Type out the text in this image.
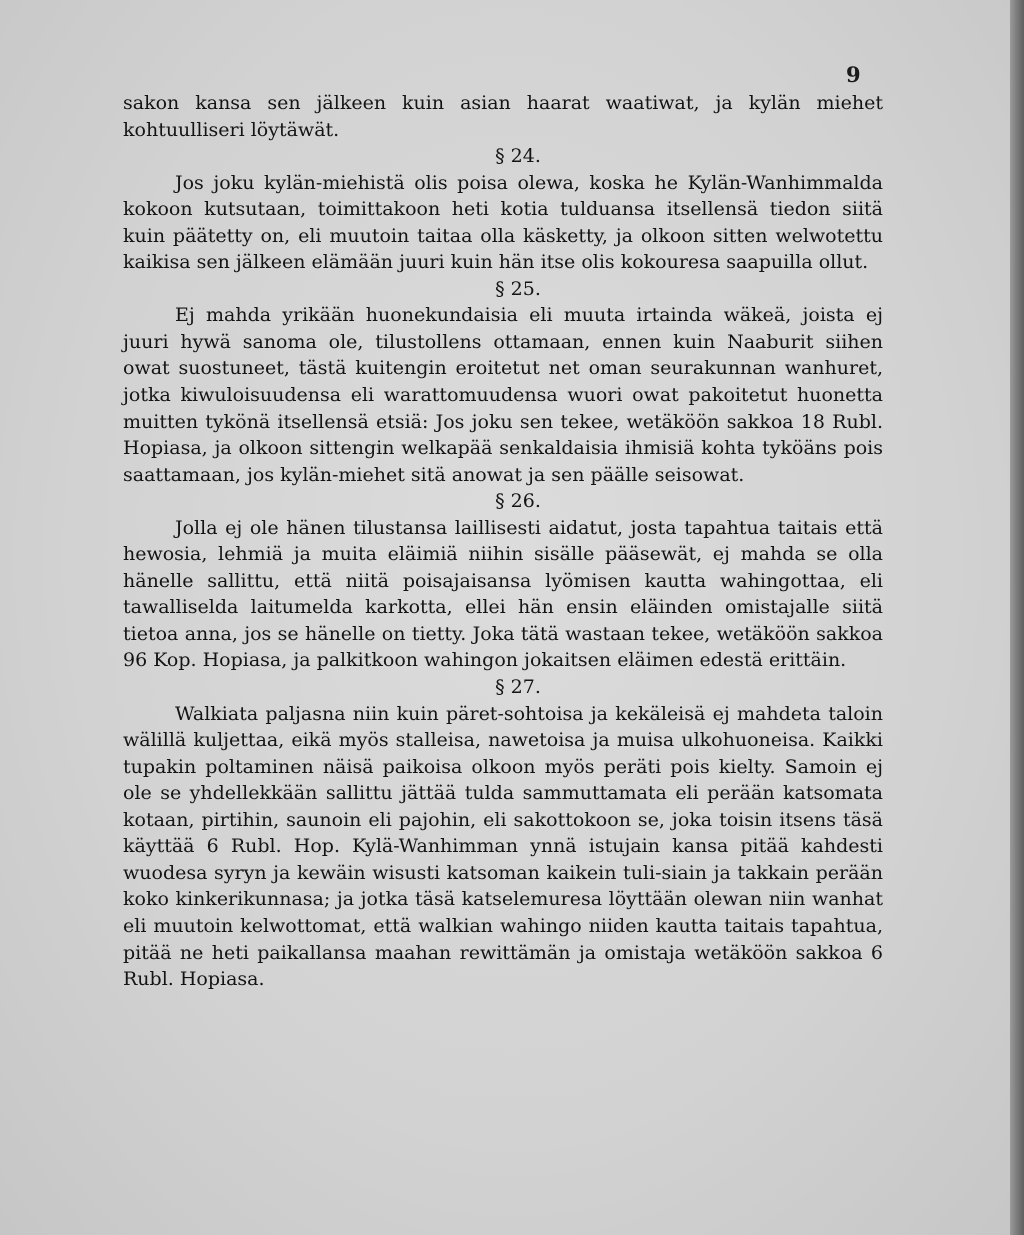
9

sakon kansa sen jälkeen kuin asian haarat waatiwat, ja kylän miehet kohtuulliseri löytäwät.

§ 24.

Jos joku kylän-miehistä olis poisa olewa, koska he Kylän-Wanhimmalda kokoon kutsutaan, toimittakoon heti kotia tulduansa itsellensä tiedon siitä kuin päätetty on, eli muutoin taitaa olla käsketty, ja olkoon sitten welwotettu kaikisa sen jälkeen elämään juuri kuin hän itse olis kokouresa saapuilla ollut.

§ 25.

Ej mahda yrikään huonekundaisia eli muuta irtainda wäkeä, joista ej juuri hywä sanoma ole, tilustollens ottamaan, ennen kuin Naaburit siihen owat suostuneet, tästä kuitengin eroitetut net oman seurakunnan wanhuret, jotka kiwuloisuudensa eli warattomuudensa wuori owat pakoitetut huonetta muitten tykönä itsellensä etsiä: Jos joku sen tekee, wetäköön sakkoa 18 Rubl. Hopiasa, ja olkoon sittengin welkapää senkaldaisia ihmisiä kohta tyköäns pois saattamaan, jos kylän-miehet sitä anowat ja sen päälle seisowat.

§ 26.

Jolla ej ole hänen tilustansa laillisesti aidatut, josta tapahtua taitais että hewosia, lehmiä ja muita eläimiä niihin sisälle pääsewät, ej mahda se olla hänelle sallittu, että niitä poisajaisansa lyömisen kautta wahingottaa, eli tawalliselda laitumelda karkotta, ellei hän ensin eläinden omistajalle siitä tietoa anna, jos se hänelle on tietty. Joka tätä wastaan tekee, wetäköön sakkoa 96 Kop. Hopiasa, ja palkitkoon wahingon jokaitsen eläimen edestä erittäin.

§ 27.

Walkiata paljasna niin kuin päret-sohtoisa ja kekäleisä ej mahdeta taloin wälillä kuljettaa, eikä myös stalleisa, nawetoisa ja muisa ulkohuoneisa. Kaikki tupakin poltaminen näisä paikoisa olkoon myös peräti pois kielty. Samoin ej ole se yhdellekkään sallittu jättää tulda sammuttamata eli perään katsomata kotaan, pirtihin, saunoin eli pajohin, eli sakottokoon se, joka toisin itsens täsä käyttää 6 Rubl. Hop. Kylä-Wanhimman ynnä istujain kansa pitää kahdesti wuodesa syryn ja kewäin wisusti katsoman kaikein tuli-siain ja takkain perään koko kinkerikunnasa; ja jotka täsä katselemuresa löyttään olewan niin wanhat eli muutoin kelwottomat, että walkian wahingo niiden kautta taitais tapahtua, pitää ne heti paikallansa maahan rewittämän ja omistaja wetäköön sakkoa 6 Rubl. Hopiasa.
